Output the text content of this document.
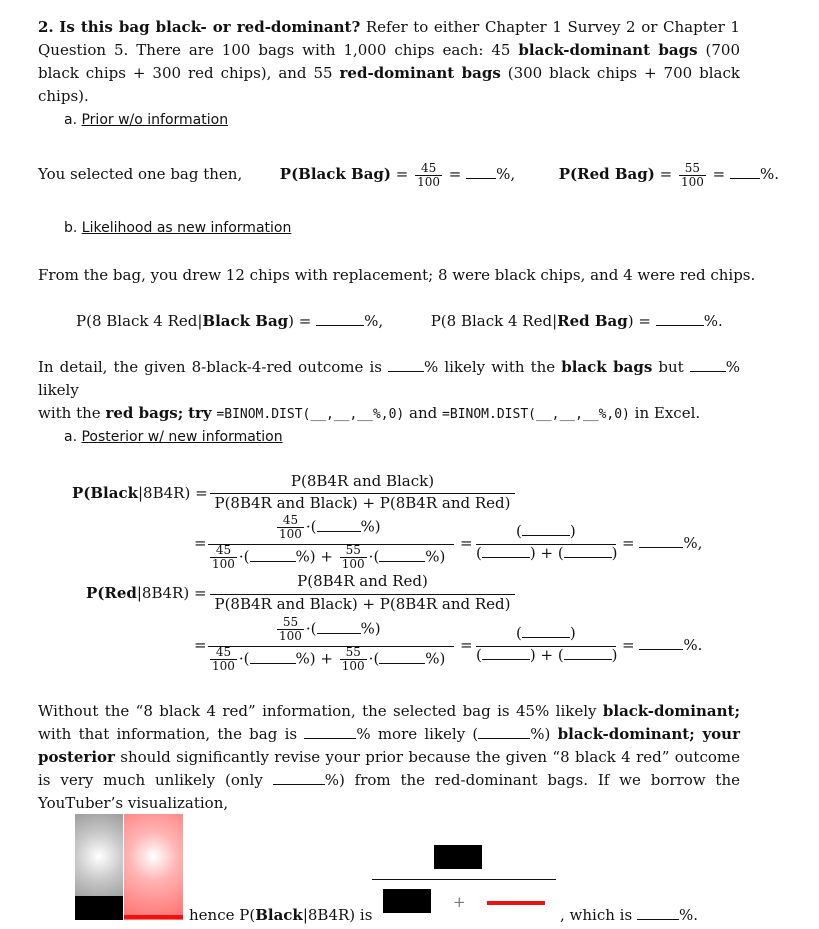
2. Is this bag black- or red-dominant? Refer to either Chapter 1 Survey 2 or Chapter 1 Question 5. There are 100 bags with 1,000 chips each: 45 black-dominant bags (700 black chips + 300 red chips), and 55 red-dominant bags (300 black chips + 700 black chips).
a. Prior w/o information
You selected one bag then,	P(Black $Bag) = \frac{45}{100}$ = %,	P(Red $Bag) = \frac{55}{100}$ = %.
b. Likelihood as new information
From the bag, you drew 12 chips with replacement; 8 were black chips, and 4 were red chips.
P(8 Black 4 Red|Black Bag) =	%,	P(8 Black 4 Red|Red Bag) =	%.
In detail, the given 8-black-4-red outcome is	% likely with the black bags but	% likely
with the red bags; try =BINOM.DIST(__,__,__%,0) and =BINOM.DIST(__,__,__%,0) in Excel.
a. Posterior w/ new information
P(Black|8B4R) =
P(8B4R and Black)
P(8B4R and Black) + P(8B4R and Red)
=
$\frac{45}{100}$ ·(	%)
$\frac{45}{100}$ ·(	%) + $\frac{55}{100}$ ·(	%)
=
(	)
(	) + (	)
=	%,
P(Red|8B4R) =
P(8B4R and Red)
P(8B4R and Black) + P(8B4R and Red)
=
$\frac{55}{100}$ ·(	%)
$\frac{45}{100}$ ·(	%) + $\frac{55}{100}$ ·(	%)
=
(	)
(	) + (	)
=	%.
Without the “8 black 4 red” information, the selected bag is 45% likely black-dominant; with that information, the bag is	% more likely (	%) black-dominant; your posterior should significantly revise your prior because the given “8 black 4 red” outcome is very much unlikely (only	%) from the red-dominant bags. If we borrow the YouTuber’s visualization,
hence P(Black|8B4R) is
+
, which is	%.
